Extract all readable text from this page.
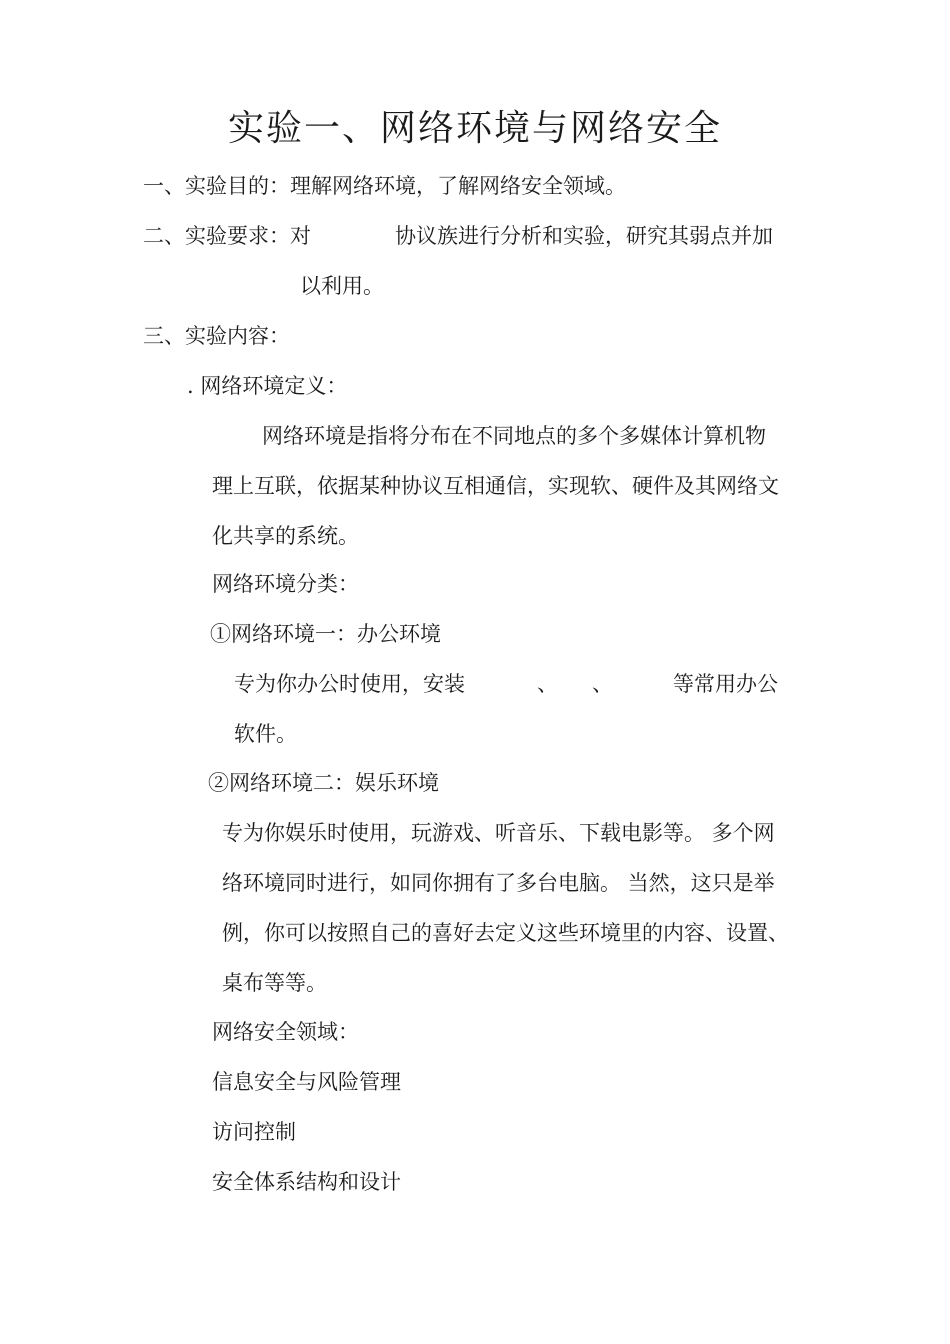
实验一、网络环境与网络安全
一、实验目的：理解网络环境，了解网络安全领域。
二、实验要求：对	协议族进行分析和实验，研究其弱点并加
以利用。
三、实验内容：
. 网络环境定义：
网络环境是指将分布在不同地点的多个多媒体计算机物
理上互联，依据某种协议互相通信，实现软、硬件及其网络文
化共享的系统。
网络环境分类：
①网络环境一：办公环境
专为你办公时使用，安装	、 、	等常用办公
软件。
②网络环境二：娱乐环境
专为你娱乐时使用，玩游戏、听音乐、下载电影等。 多个网
络环境同时进行，如同你拥有了多台电脑。 当然，这只是举
例，你可以按照自己的喜好去定义这些环境里的内容、设置、
桌布等等。
网络安全领域：
信息安全与风险管理
访问控制
安全体系结构和设计
